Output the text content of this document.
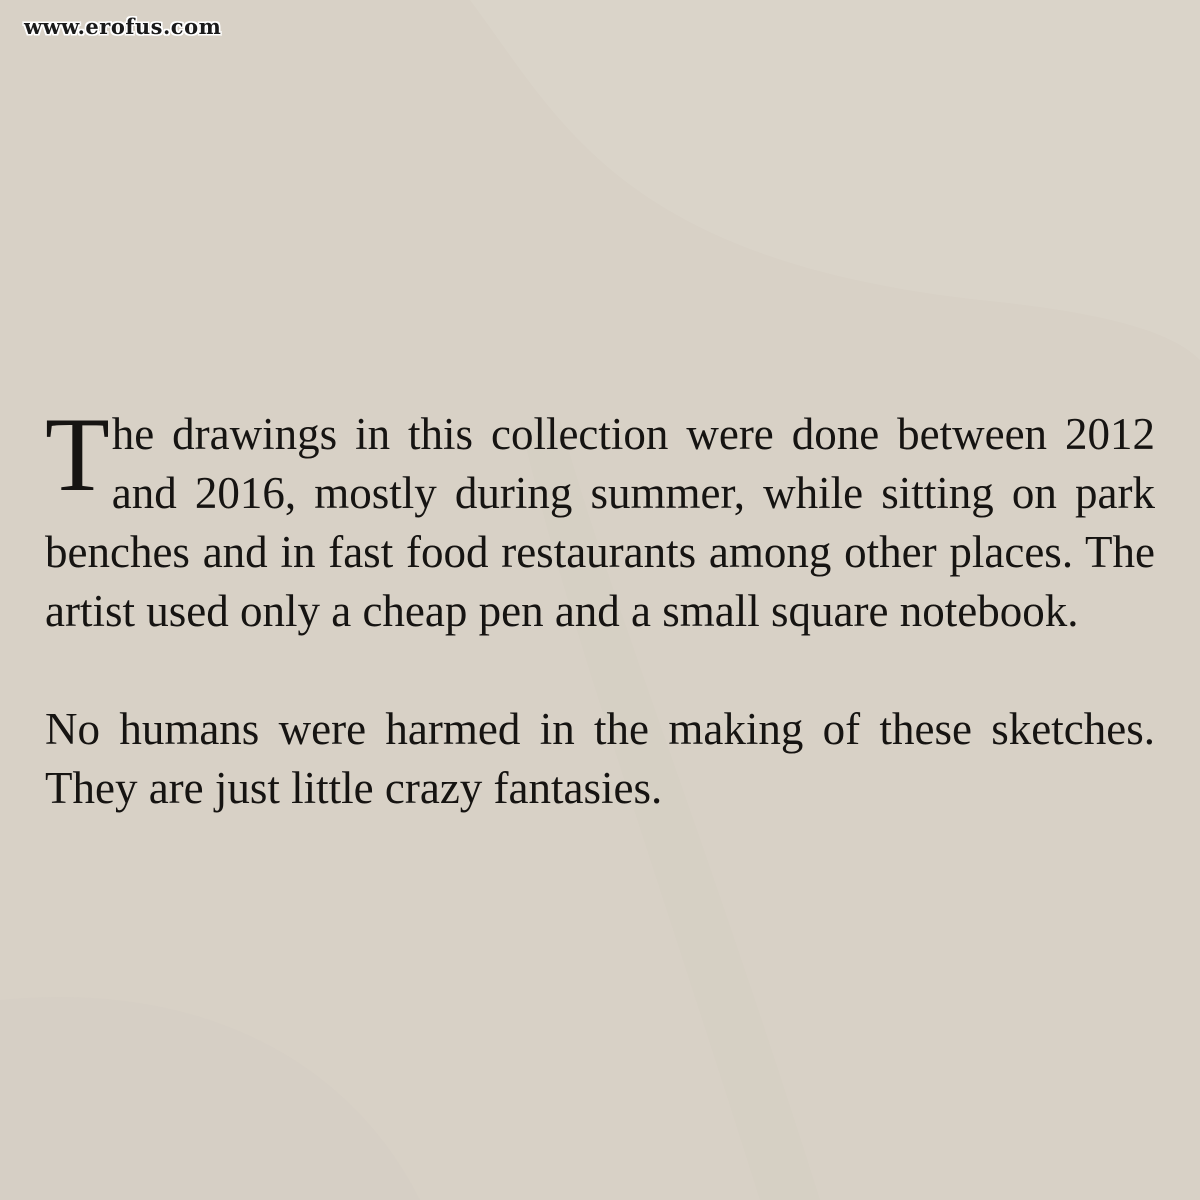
www.erofus.com

The drawings in this collection were done between 2012 and 2016, mostly during summer, while sitting on park benches and in fast food restaurants among other places. The artist used only a cheap pen and a small square notebook.

No humans were harmed in the making of these sketches. They are just little crazy fantasies.
